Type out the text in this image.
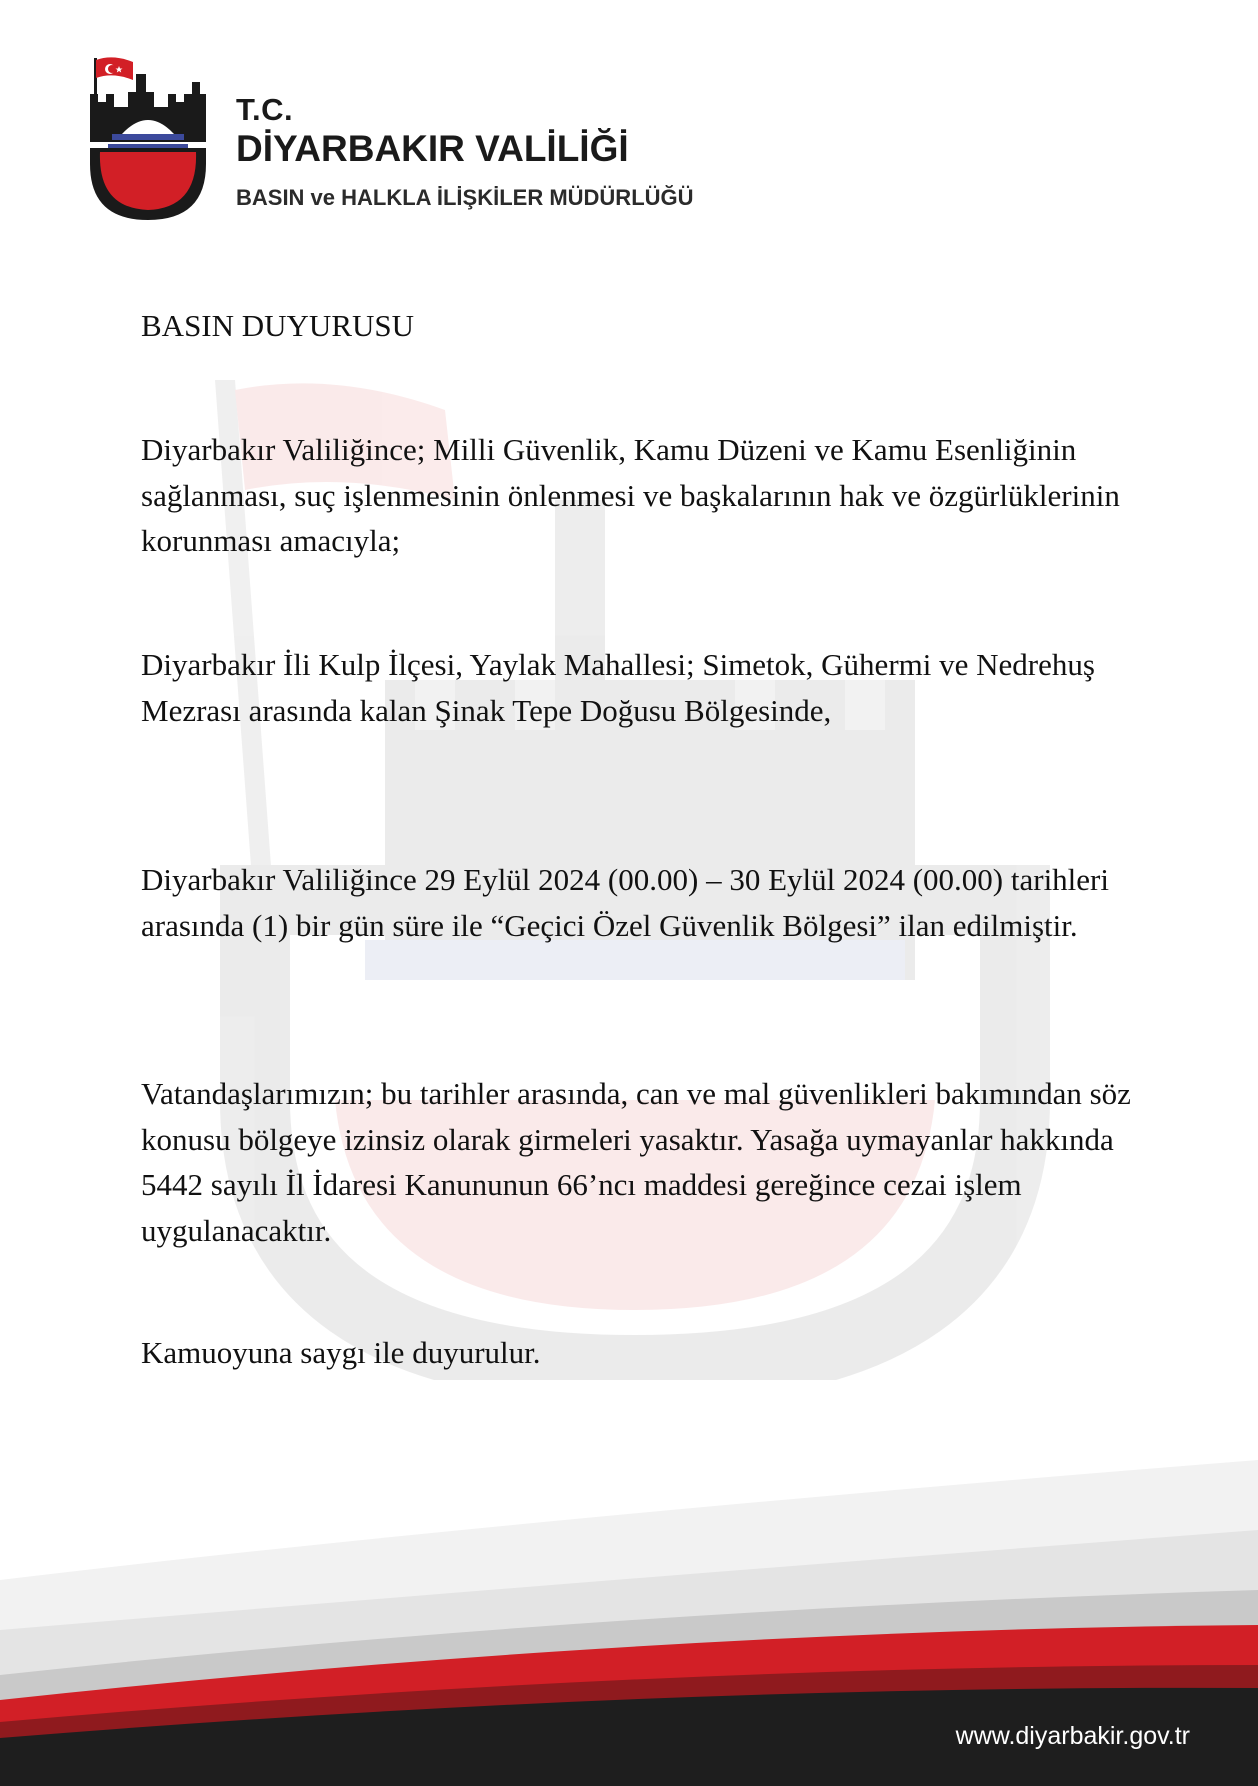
T.C.
DİYARBAKIR VALİLİĞİ
BASIN ve HALKLA İLİŞKİLER MÜDÜRLÜĞÜ
BASIN DUYURUSU

Diyarbakır Valiliğince; Milli Güvenlik, Kamu Düzeni ve Kamu Esenliğinin sağlanması, suç işlenmesinin önlenmesi ve başkalarının hak ve özgürlüklerinin korunması amacıyla;

Diyarbakır İli Kulp İlçesi, Yaylak Mahallesi; Simetok, Gühermi ve Nedrehuş Mezrası arasında kalan Şinak Tepe Doğusu Bölgesinde,

Diyarbakır Valiliğince 29 Eylül 2024 (00.00) – 30 Eylül 2024 (00.00) tarihleri arasında (1) bir gün süre ile “Geçici Özel Güvenlik Bölgesi” ilan edilmiştir.

Vatandaşlarımızın; bu tarihler arasında, can ve mal güvenlikleri bakımından söz konusu bölgeye izinsiz olarak girmeleri yasaktır. Yasağa uymayanlar hakkında 5442 sayılı İl İdaresi Kanununun 66’ncı maddesi gereğince cezai işlem uygulanacaktır.

Kamuoyuna saygı ile duyurulur.

www.diyarbakir.gov.tr
